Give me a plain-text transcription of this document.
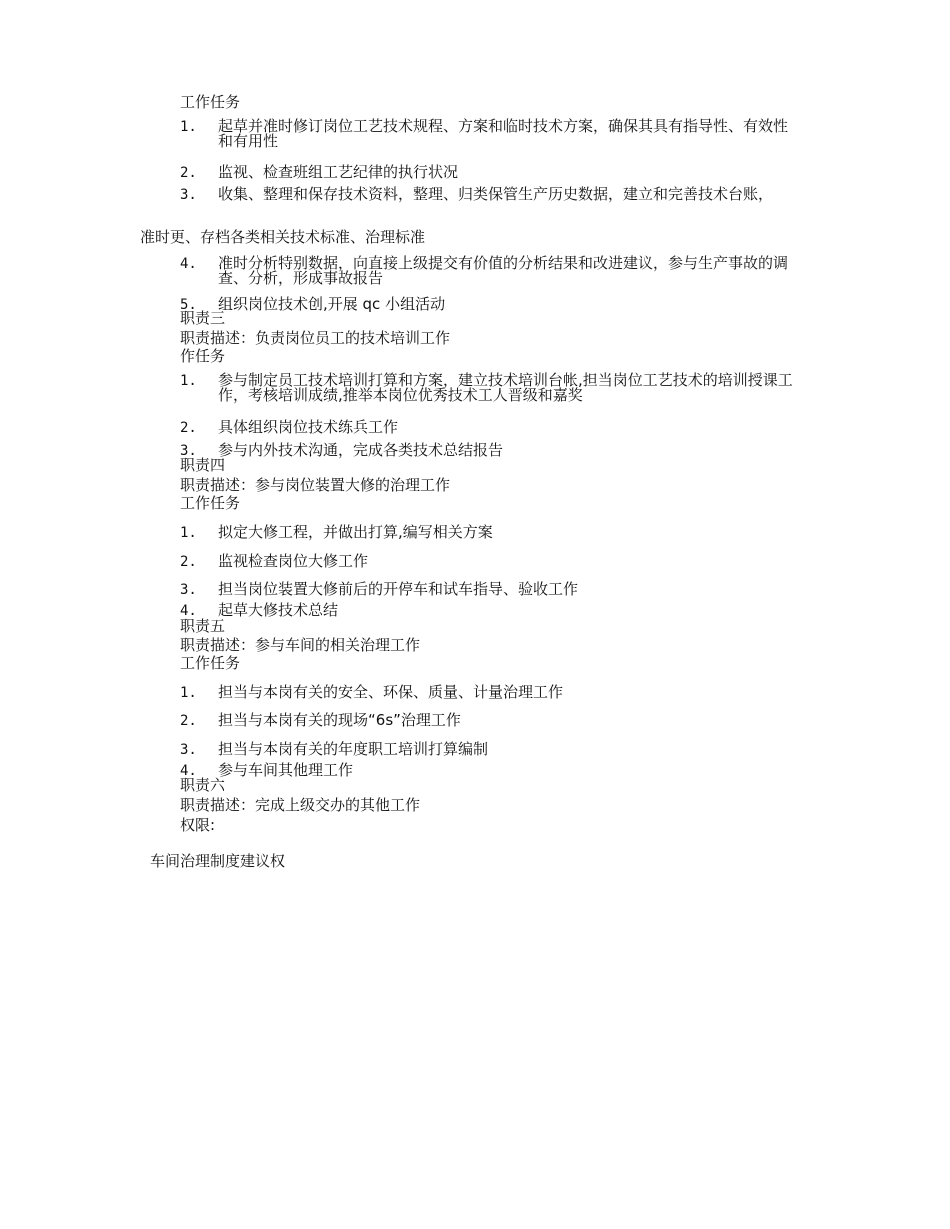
工作任务
1. 起草并准时修订岗位工艺技术规程、方案和临时技术方案，确保其具有指导性、有效性和有用性
2. 监视、检查班组工艺纪律的执行状况
3. 收集、整理和保存技术资料，整理、归类保管生产历史数据，建立和完善技术台账，
准时更、存档各类相关技术标准、治理标准
4. 准时分析特别数据，向直接上级提交有价值的分析结果和改进建议，参与生产事故的调查、分析，形成事故报告
5. 组织岗位技术创,开展 qc 小组活动
职责三
职责描述：负责岗位员工的技术培训工作
作任务
1. 参与制定员工技术培训打算和方案，建立技术培训台帐,担当岗位工艺技术的培训授课工作，考核培训成绩,推举本岗位优秀技术工人晋级和嘉奖
2. 具体组织岗位技术练兵工作
3. 参与内外技术沟通，完成各类技术总结报告
职责四
职责描述：参与岗位装置大修的治理工作
工作任务
1. 拟定大修工程，并做出打算,编写相关方案
2. 监视检查岗位大修工作
3. 担当岗位装置大修前后的开停车和试车指导、验收工作
4. 起草大修技术总结
职责五
职责描述：参与车间的相关治理工作
工作任务
1. 担当与本岗有关的安全、环保、质量、计量治理工作
2. 担当与本岗有关的现场“6s”治理工作
3. 担当与本岗有关的年度职工培训打算编制
4. 参与车间其他理工作
职责六
职责描述：完成上级交办的其他工作
权限:
车间治理制度建议权
